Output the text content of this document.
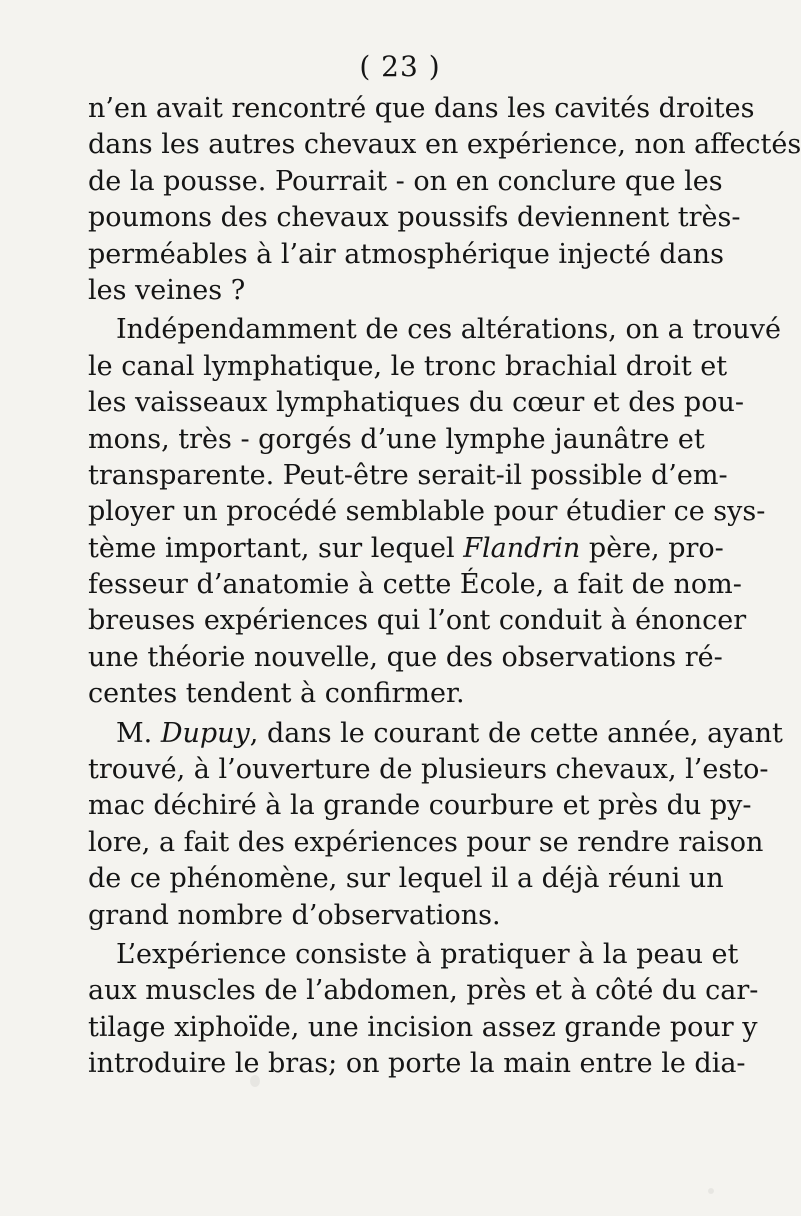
( 23 )
n’en avait rencontré que dans les cavités droites
dans les autres chevaux en expérience, non affectés
de la pousse. Pourrait - on en conclure que les
poumons des chevaux poussifs deviennent très-
perméables à l’air atmosphérique injecté dans
les veines ?
Indépendamment de ces altérations, on a trouvé
le canal lymphatique, le tronc brachial droit et
les vaisseaux lymphatiques du cœur et des pou-
mons, très - gorgés d’une lymphe jaunâtre et
transparente. Peut-être serait-il possible d’em-
ployer un procédé semblable pour étudier ce sys-
tème important, sur lequel Flandrin père, pro-
fesseur d’anatomie à cette École, a fait de nom-
breuses expériences qui l’ont conduit à énoncer
une théorie nouvelle, que des observations ré-
centes tendent à confirmer.
M. Dupuy, dans le courant de cette année, ayant
trouvé, à l’ouverture de plusieurs chevaux, l’esto-
mac déchiré à la grande courbure et près du py-
lore, a fait des expériences pour se rendre raison
de ce phénomène, sur lequel il a déjà réuni un
grand nombre d’observations.
L’expérience consiste à pratiquer à la peau et
aux muscles de l’abdomen, près et à côté du car-
tilage xiphoïde, une incision assez grande pour y
introduire le bras; on porte la main entre le dia-
